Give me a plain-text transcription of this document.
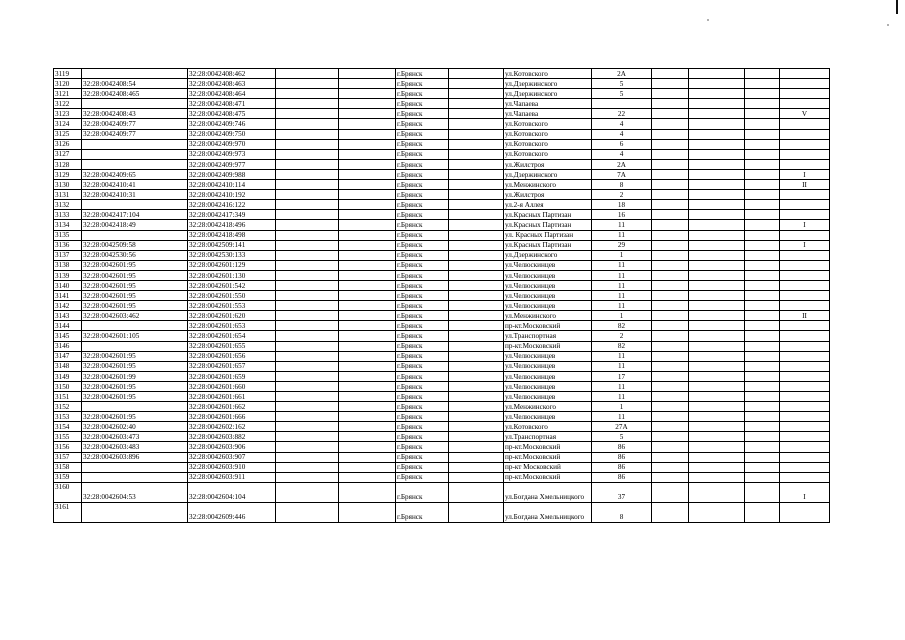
3119		32:28:0042408:462			г.Брянск		ул.Котовского	2А				
3120	32:28:0042408:54	32:28:0042408:463			г.Брянск		ул.Дзержинского	5				
3121	32:28:0042408:465	32:28:0042408:464			г.Брянск		ул.Дзержинского	5				
3122		32:28:0042408:471			г.Брянск		ул.Чапаева					
3123	32:28:0042408:43	32:28:0042408:475			г.Брянск		ул.Чапаева	22				V
3124	32:28:0042409:77	32:28:0042409:746			г.Брянск		ул.Котовского	4				
3125	32:28:0042409:77	32:28:0042409:750			г.Брянск		ул.Котовского	4				
3126		32:28:0042409:970			г.Брянск		ул.Котовского	6				
3127		32:28:0042409:973			г.Брянск		ул.Котовского	4				
3128		32:28:0042409:977			г.Брянск		ул.Жилстроя	2А				
3129	32:28:0042409:65	32:28:0042409:988			г.Брянск		ул.Дзержинского	7А				I
3130	32:28:0042410:41	32:28:0042410:114			г.Брянск		ул.Менжинского	8				II
3131	32:28:0042410:31	32:28:0042410:192			г.Брянск		ул.Жилстроя	2				
3132		32:28:0042416:122			г.Брянск		ул.2-я Аллея	18				
3133	32:28:0042417:104	32:28:0042417:349			г.Брянск		ул.Красных Партизан	16				
3134	32:28:0042418:49	32:28:0042418:496			г.Брянск		ул.Красных Партизан	11				I
3135		32:28:0042418:498			г.Брянск		ул. Красных Партизан	11				
3136	32:28:0042509:58	32:28:0042509:141			г.Брянск		ул.Красных Партизан	29				I
3137	32:28:0042530:56	32:28:0042530:133			г.Брянск		ул.Дзержинского	1				
3138	32:28:0042601:95	32:28:0042601:129			г.Брянск		ул.Челюскинцев	11				
3139	32:28:0042601:95	32:28:0042601:130			г.Брянск		ул.Челюскинцев	11				
3140	32:28:0042601:95	32:28:0042601:542			г.Брянск		ул.Челюскинцев	11				
3141	32:28:0042601:95	32:28:0042601:550			г.Брянск		ул.Челюскинцев	11				
3142	32:28:0042601:95	32:28:0042601:553			г.Брянск		ул.Челюскинцев	11				
3143	32:28:0042603:462	32:28:0042601:620			г.Брянск		ул.Менжинского	1				II
3144		32:28:0042601:653			г.Брянск		пр-кт.Московский	82				
3145	32:28:0042601:105	32:28:0042601:654			г.Брянск		ул.Транспортная	2				
3146		32:28:0042601:655			г.Брянск		пр-кт.Московский	82				
3147	32:28:0042601:95	32:28:0042601:656			г.Брянск		ул.Челюскинцев	11				
3148	32:28:0042601:95	32:28:0042601:657			г.Брянск		ул.Челюскинцев	11				
3149	32:28:0042601:99	32:28:0042601:659			г.Брянск		ул.Челюскинцев	17				
3150	32:28:0042601:95	32:28:0042601:660			г.Брянск		ул.Челюскинцев	11				
3151	32:28:0042601:95	32:28:0042601:661			г.Брянск		ул.Челюскинцев	11				
3152		32:28:0042601:662			г.Брянск		ул.Менжинского	1				
3153	32:28:0042601:95	32:28:0042601:666			г.Брянск		ул.Челюскинцев	11				
3154	32:28:0042602:40	32:28:0042602:162			г.Брянск		ул.Котовского	27А				
3155	32:28:0042603:473	32:28:0042603:882			г.Брянск		ул.Транспортная	5				
3156	32:28:0042603:483	32:28:0042603:906			г.Брянск		пр-кт.Московский	86				
3157	32:28:0042603:896	32:28:0042603:907			г.Брянск		пр-кт.Московский	86				
3158		32:28:0042603:910			г.Брянск		пр-кт Московский	86				
3159		32:28:0042603:911			г.Брянск		пр-кт.Московский	86				
3160	32:28:0042604:53	32:28:0042604:104			г.Брянск		ул.Богдана Хмельницкого	37				I
3161		32:28:0042609:446			г.Брянск		ул.Богдана Хмельницкого	8				
